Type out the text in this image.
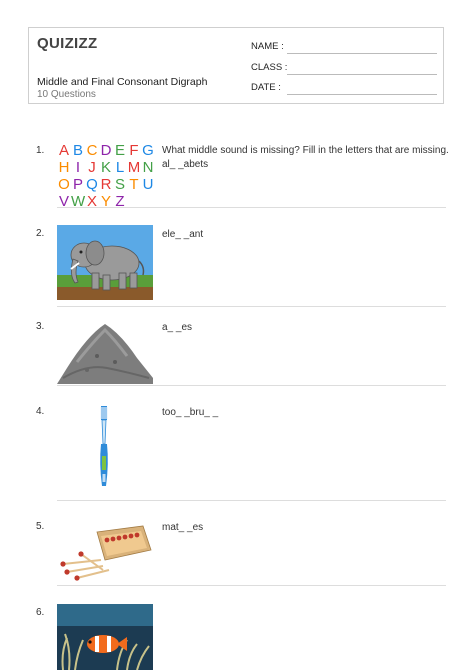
QUIZIZZ
Middle and Final Consonant Digraph
10 Questions
NAME :
CLASS :
DATE :
1. A B C D E F G
H I J K L M N
O P Q R S T U
V W X Y Z
What middle sound is missing? Fill in the letters that are missing.
al_ _abets
2.	ele_ _ant
3.	a_ _es
4.	too_ _bru_ _
5.	mat_ _es
6.
